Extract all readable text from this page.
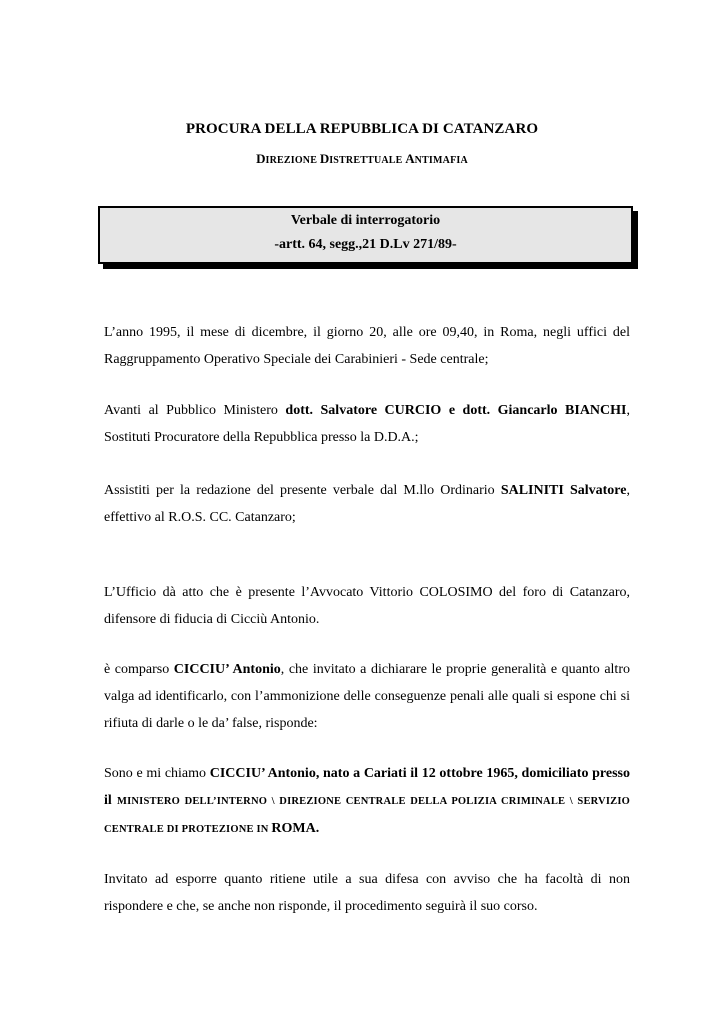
PROCURA DELLA REPUBBLICA DI CATANZARO
DIREZIONE DISTRETTUALE ANTIMAFIA
Verbale di interrogatorio
-artt. 64, segg.,21 D.Lv 271/89-
L’anno 1995, il mese di dicembre, il giorno 20, alle ore 09,40, in Roma, negli uffici del Raggruppamento Operativo Speciale dei Carabinieri - Sede centrale;
Avanti al Pubblico Ministero dott. Salvatore CURCIO e dott. Giancarlo BIANCHI, Sostituti Procuratore della Repubblica presso la D.D.A.;
Assistiti per la redazione del presente verbale dal M.llo Ordinario SALINITI Salvatore, effettivo al R.O.S. CC. Catanzaro;
L’Ufficio dà atto che è presente l’Avvocato Vittorio COLOSIMO del foro di Catanzaro, difensore di fiducia di Cicciù Antonio.
è comparso CICCIU’ Antonio, che invitato a dichiarare le proprie generalità e quanto altro valga ad identificarlo, con l’ammonizione delle conseguenze penali alle quali si espone chi si rifiuta di darle o le da’ false, risponde:
Sono e mi chiamo CICCIU’ Antonio, nato a Cariati il 12 ottobre 1965, domiciliato presso il MINISTERO DELL’INTERNO \ DIREZIONE CENTRALE DELLA POLIZIA CRIMINALE \ SERVIZIO CENTRALE DI PROTEZIONE IN ROMA.
Invitato ad esporre quanto ritiene utile a sua difesa con avviso che ha facoltà di non rispondere e che, se anche non risponde, il procedimento seguirà il suo corso.
